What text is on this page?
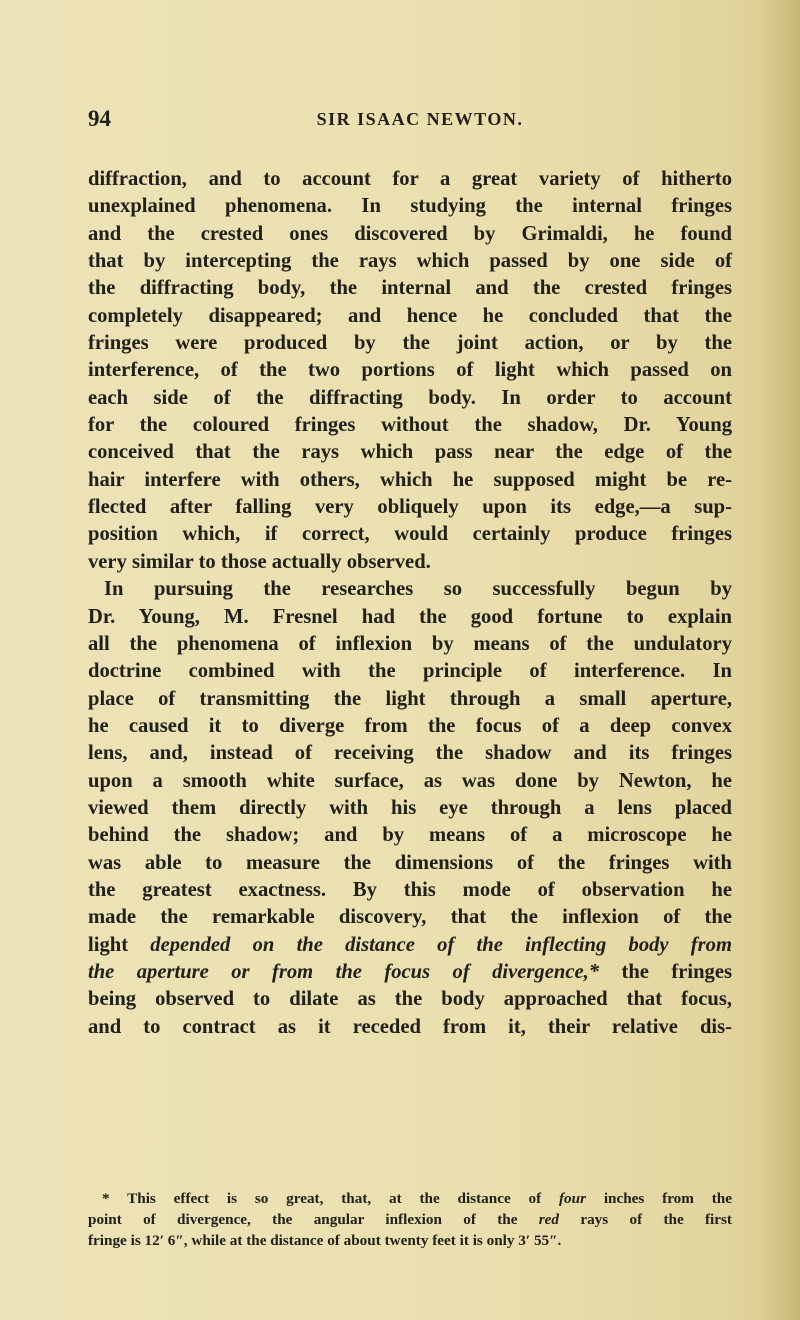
94	SIR ISAAC NEWTON.
diffraction, and to account for a great variety of hitherto
unexplained phenomena. In studying the internal fringes
and the crested ones discovered by Grimaldi, he found
that by intercepting the rays which passed by one side of
the diffracting body, the internal and the crested fringes
completely disappeared; and hence he concluded that the
fringes were produced by the joint action, or by the
interference, of the two portions of light which passed on
each side of the diffracting body. In order to account
for the coloured fringes without the shadow, Dr. Young
conceived that the rays which pass near the edge of the
hair interfere with others, which he supposed might be re-
flected after falling very obliquely upon its edge,—a sup-
position which, if correct, would certainly produce fringes
very similar to those actually observed.
In pursuing the researches so successfully begun by
Dr. Young, M. Fresnel had the good fortune to explain
all the phenomena of inflexion by means of the undulatory
doctrine combined with the principle of interference. In
place of transmitting the light through a small aperture,
he caused it to diverge from the focus of a deep convex
lens, and, instead of receiving the shadow and its fringes
upon a smooth white surface, as was done by Newton, he
viewed them directly with his eye through a lens placed
behind the shadow; and by means of a microscope he
was able to measure the dimensions of the fringes with
the greatest exactness. By this mode of observation he
made the remarkable discovery, that the inflexion of the
light depended on the distance of the inflecting body from
the aperture or from the focus of divergence,* the fringes
being observed to dilate as the body approached that focus,
and to contract as it receded from it, their relative dis-
* This effect is so great, that, at the distance of four inches from the
point of divergence, the angular inflexion of the red rays of the first
fringe is 12′ 6″, while at the distance of about twenty feet it is only 3′ 55″.
